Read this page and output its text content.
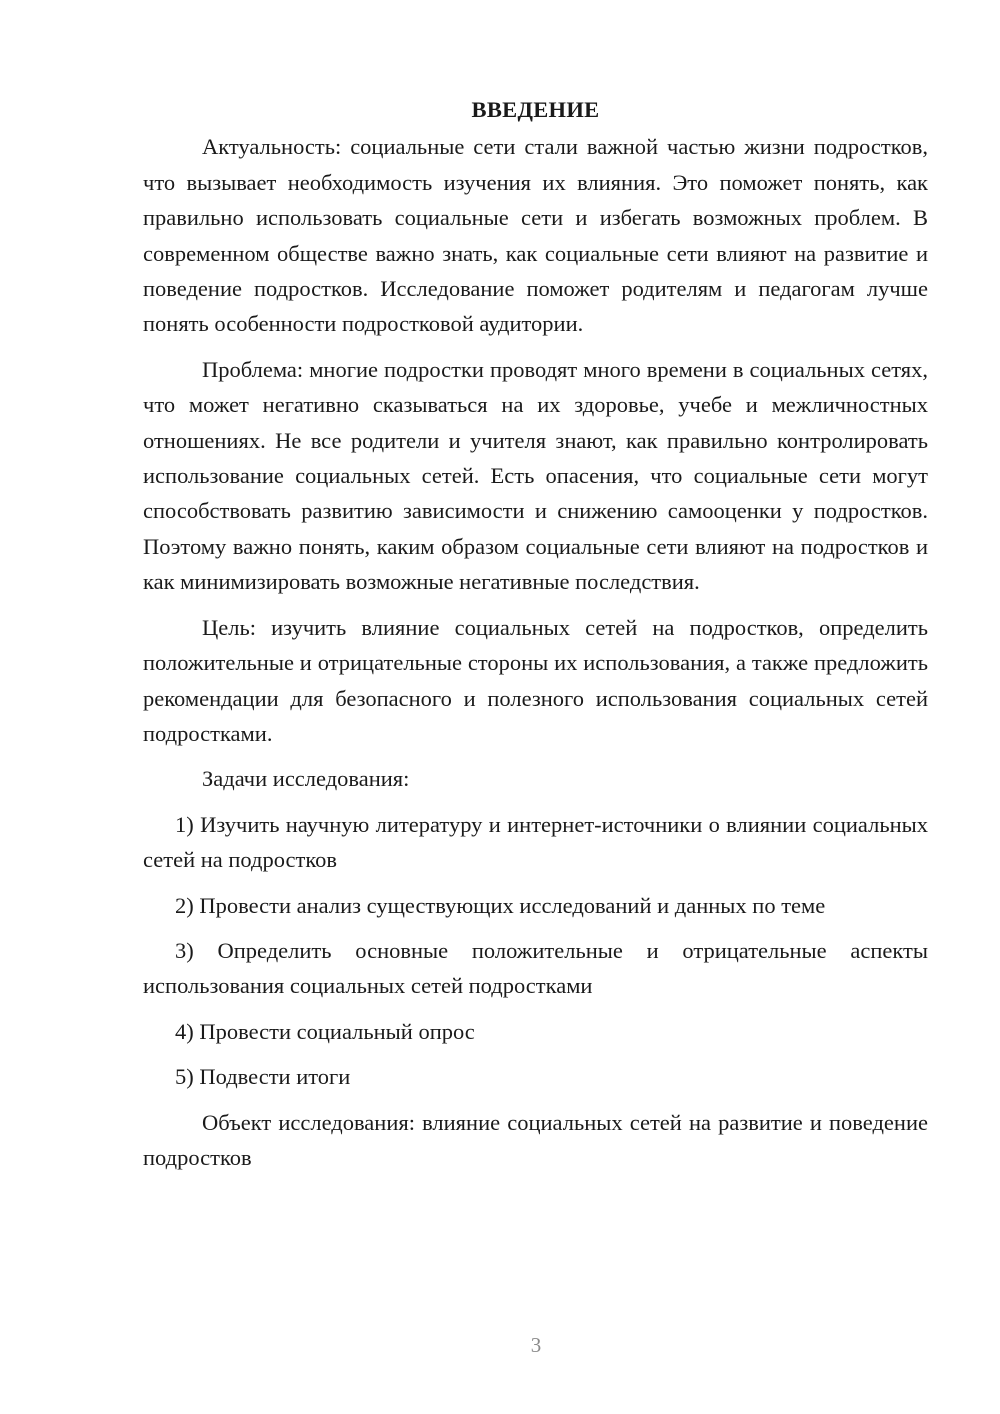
ВВЕДЕНИЕ

Актуальность: социальные сети стали важной частью жизни подростков, что вызывает необходимость изучения их влияния. Это поможет понять, как правильно использовать социальные сети и избегать возможных проблем. В современном обществе важно знать, как социальные сети влияют на развитие и поведение подростков. Исследование поможет родителям и педагогам лучше понять особенности подростковой аудитории.

Проблема: многие подростки проводят много времени в социальных сетях, что может негативно сказываться на их здоровье, учебе и межличностных отношениях. Не все родители и учителя знают, как правильно контролировать использование социальных сетей. Есть опасения, что социальные сети могут способствовать развитию зависимости и снижению самооценки у подростков. Поэтому важно понять, каким образом социальные сети влияют на подростков и как минимизировать возможные негативные последствия.

Цель: изучить влияние социальных сетей на подростков, определить положительные и отрицательные стороны их использования, а также предложить рекомендации для безопасного и полезного использования социальных сетей подростками.

Задачи исследования:

1) Изучить научную литературу и интернет-источники о влиянии социальных сетей на подростков

2) Провести анализ существующих исследований и данных по теме

3) Определить основные положительные и отрицательные аспекты использования социальных сетей подростками

4) Провести социальный опрос

5) Подвести итоги

Объект исследования: влияние социальных сетей на развитие и поведение подростков

3
